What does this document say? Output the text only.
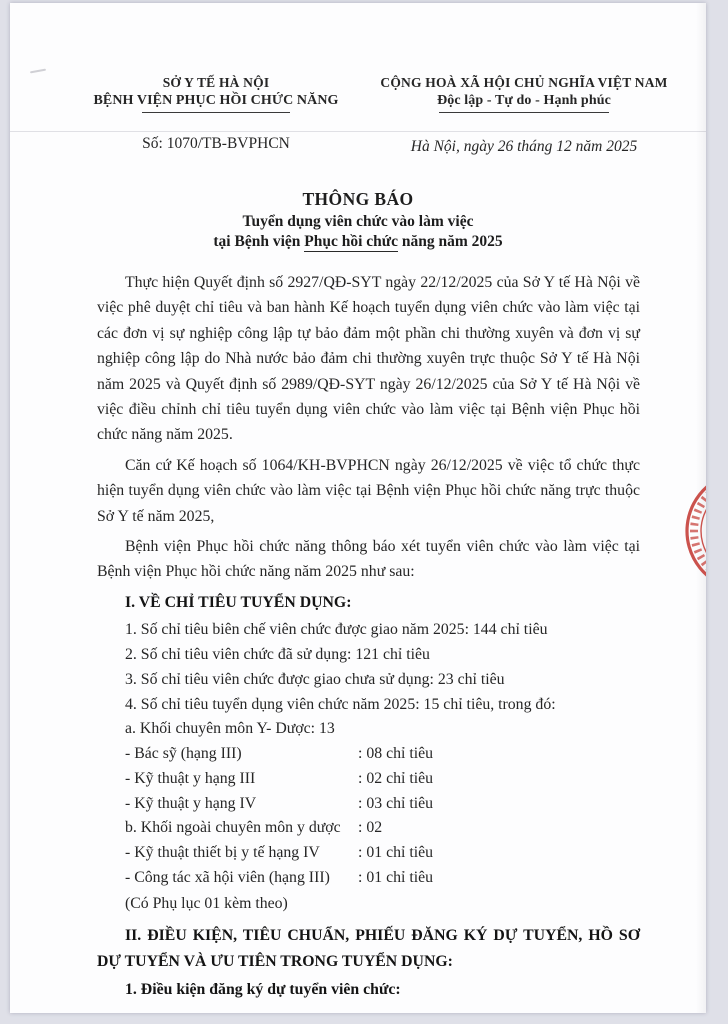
SỞ Y TẾ HÀ NỘI
BỆNH VIỆN PHỤC HỒI CHỨC NĂNG
CỘNG HOÀ XÃ HỘI CHỦ NGHĨA VIỆT NAM
Độc lập - Tự do - Hạnh phúc
Số: 1070/TB-BVPHCN	Hà Nội, ngày 26 tháng 12 năm 2025
THÔNG BÁO
Tuyển dụng viên chức vào làm việc
tại Bệnh viện Phục hồi chức năng năm 2025

Thực hiện Quyết định số 2927/QĐ-SYT ngày 22/12/2025 của Sở Y tế Hà Nội về việc phê duyệt chỉ tiêu và ban hành Kế hoạch tuyển dụng viên chức vào làm việc tại các đơn vị sự nghiệp công lập tự bảo đảm một phần chi thường xuyên và đơn vị sự nghiệp công lập do Nhà nước bảo đảm chi thường xuyên trực thuộc Sở Y tế Hà Nội năm 2025 và Quyết định số 2989/QĐ-SYT ngày 26/12/2025 của Sở Y tế Hà Nội về việc điều chỉnh chỉ tiêu tuyển dụng viên chức vào làm việc tại Bệnh viện Phục hồi chức năng năm 2025.

Căn cứ Kế hoạch số 1064/KH-BVPHCN ngày 26/12/2025 về việc tổ chức thực hiện tuyển dụng viên chức vào làm việc tại Bệnh viện Phục hồi chức năng trực thuộc Sở Y tế năm 2025,

Bệnh viện Phục hồi chức năng thông báo xét tuyển viên chức vào làm việc tại Bệnh viện Phục hồi chức năng năm 2025 như sau:

I. VỀ CHỈ TIÊU TUYỂN DỤNG:
1. Số chỉ tiêu biên chế viên chức được giao năm 2025: 144 chỉ tiêu
2. Số chỉ tiêu viên chức đã sử dụng: 121 chỉ tiêu
3. Số chỉ tiêu viên chức được giao chưa sử dụng: 23 chỉ tiêu
4. Số chỉ tiêu tuyển dụng viên chức năm 2025: 15 chỉ tiêu, trong đó:
a. Khối chuyên môn Y- Dược: 13
- Bác sỹ (hạng III)	: 08 chỉ tiêu
- Kỹ thuật y hạng III	: 02 chỉ tiêu
- Kỹ thuật y hạng IV	: 03 chỉ tiêu
b. Khối ngoài chuyên môn y dược : 02
- Kỹ thuật thiết bị y tế hạng IV : 01 chỉ tiêu
- Công tác xã hội viên (hạng III) : 01 chỉ tiêu
(Có Phụ lục 01 kèm theo)
II. ĐIỀU KIỆN, TIÊU CHUẨN, PHIẾU ĐĂNG KÝ DỰ TUYỂN, HỒ SƠ DỰ TUYỂN VÀ ƯU TIÊN TRONG TUYỂN DỤNG:
1. Điều kiện đăng ký dự tuyển viên chức:
